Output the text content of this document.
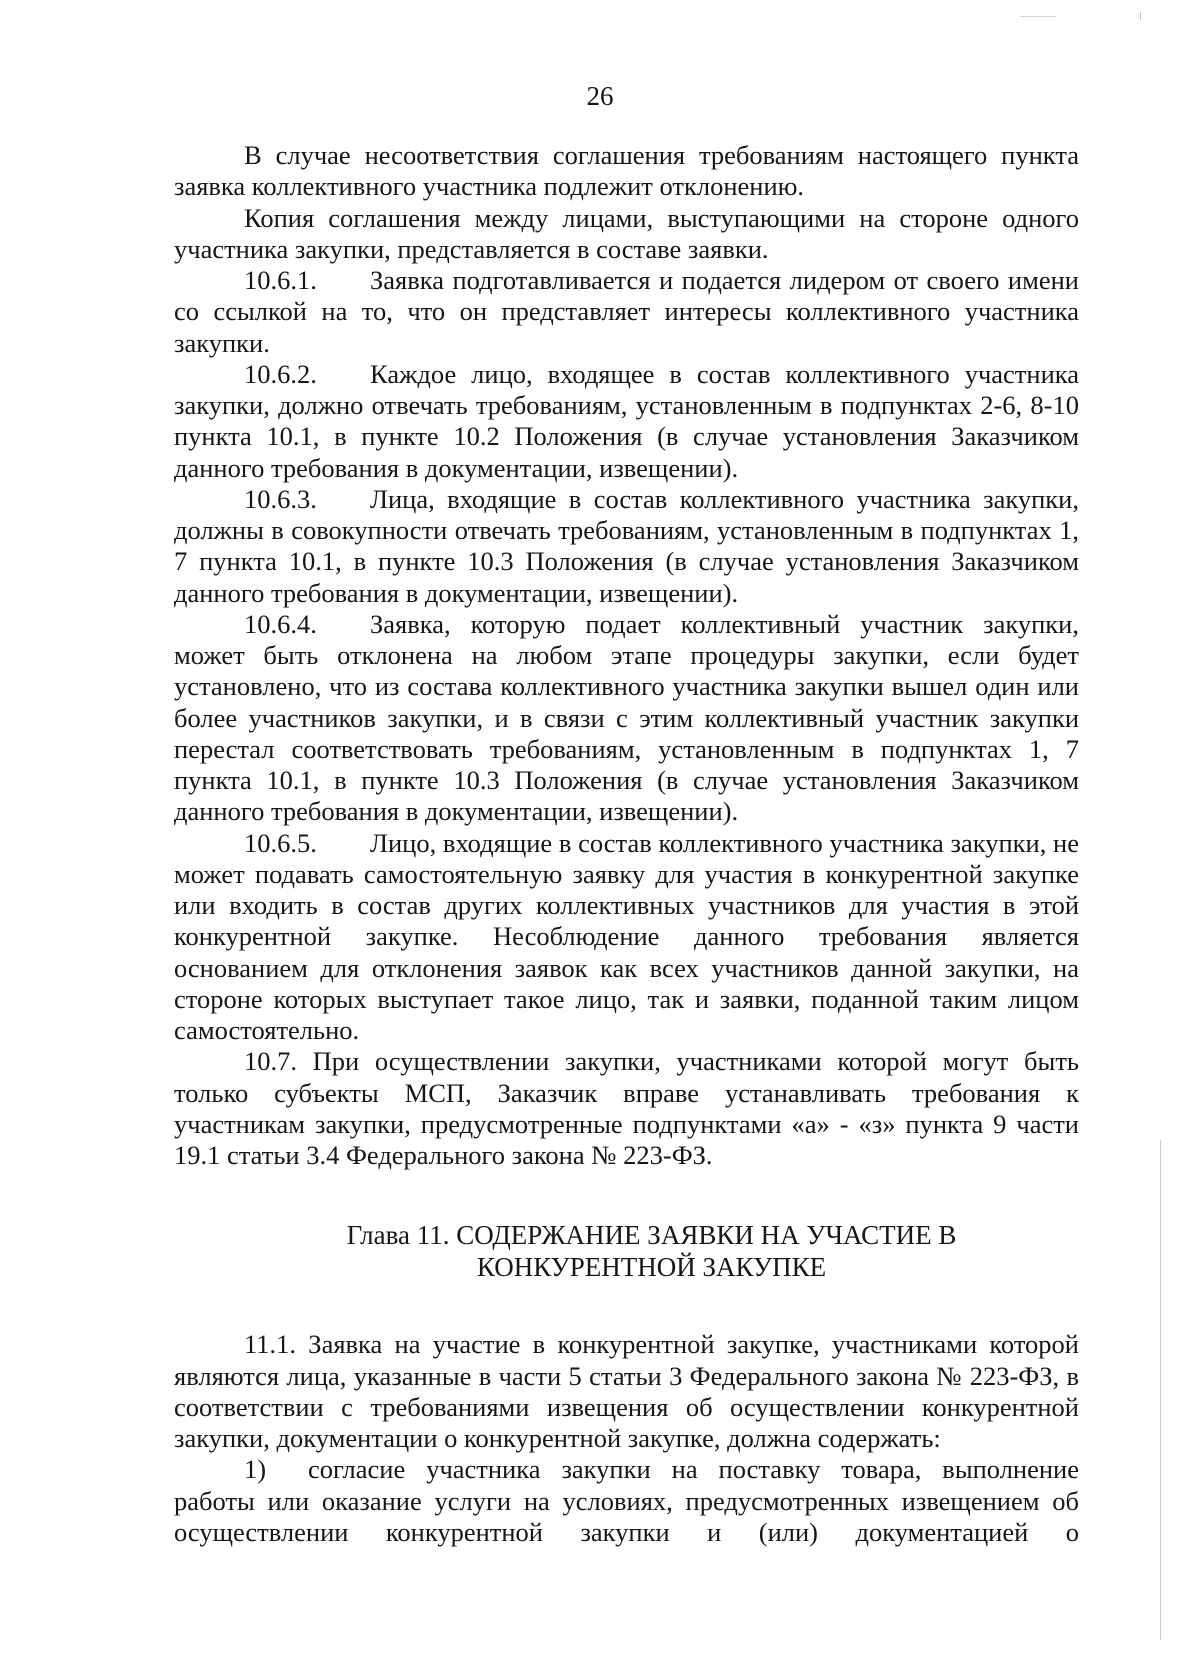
26

В случае несоответствия соглашения требованиям настоящего пункта заявка коллективного участника подлежит отклонению.

Копия соглашения между лицами, выступающими на стороне одного участника закупки, представляется в составе заявки.

10.6.1. Заявка подготавливается и подается лидером от своего имени со ссылкой на то, что он представляет интересы коллективного участника закупки.

10.6.2. Каждое лицо, входящее в состав коллективного участника закупки, должно отвечать требованиям, установленным в подпунктах 2-6, 8-10 пункта 10.1, в пункте 10.2 Положения (в случае установления Заказчиком данного требования в документации, извещении).

10.6.3. Лица, входящие в состав коллективного участника закупки, должны в совокупности отвечать требованиям, установленным в подпунктах 1, 7 пункта 10.1, в пункте 10.3 Положения (в случае установления Заказчиком данного требования в документации, извещении).

10.6.4. Заявка, которую подает коллективный участник закупки, может быть отклонена на любом этапе процедуры закупки, если будет установлено, что из состава коллективного участника закупки вышел один или более участников закупки, и в связи с этим коллективный участник закупки перестал соответствовать требованиям, установленным в подпунктах 1, 7 пункта 10.1, в пункте 10.3 Положения (в случае установления Заказчиком данного требования в документации, извещении).

10.6.5. Лицо, входящие в состав коллективного участника закупки, не может подавать самостоятельную заявку для участия в конкурентной закупке или входить в состав других коллективных участников для участия в этой конкурентной закупке. Несоблюдение данного требования является основанием для отклонения заявок как всех участников данной закупки, на стороне которых выступает такое лицо, так и заявки, поданной таким лицом самостоятельно.

10.7. При осуществлении закупки, участниками которой могут быть только субъекты МСП, Заказчик вправе устанавливать требования к участникам закупки, предусмотренные подпунктами «а» - «з» пункта 9 части 19.1 статьи 3.4 Федерального закона № 223-ФЗ.

Глава 11. СОДЕРЖАНИЕ ЗАЯВКИ НА УЧАСТИЕ В
КОНКУРЕНТНОЙ ЗАКУПКЕ

11.1. Заявка на участие в конкурентной закупке, участниками которой являются лица, указанные в части 5 статьи 3 Федерального закона № 223-ФЗ, в соответствии с требованиями извещения об осуществлении конкурентной закупки, документации о конкурентной закупке, должна содержать:

1) согласие участника закупки на поставку товара, выполнение работы или оказание услуги на условиях, предусмотренных извещением об осуществлении конкурентной закупки и (или) документацией о
